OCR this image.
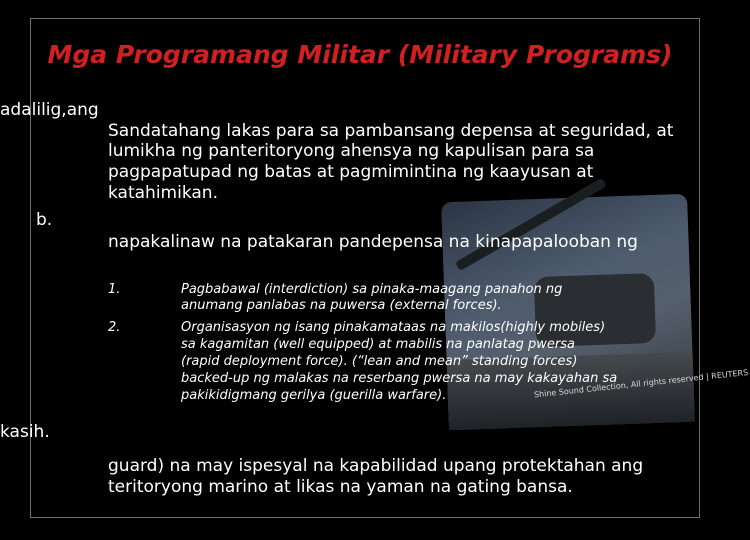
Mga Programang Militar (Military Programs)
Shine Sound Collection, All rights reserved | REUTERS
adalilig,ang
kasih.
b.
Sandatahang lakas para sa pambansang depensa at seguridad, at
lumikha ng panteritoryong ahensya ng kapulisan para sa
pagpapatupad ng batas at pagmimintina ng kaayusan at
katahimikan.
napakalinaw na patakaran pandepensa na kinapapalooban ng
1.	Pagbabawal (interdiction) sa pinaka-maagang panahon ng
anumang panlabas na puwersa (external forces).
2.	Organisasyon ng isang pinakamataas na makilos(highly mobiles)
sa kagamitan (well equipped) at mabilis na panlatag pwersa
(rapid deployment force). (“lean and mean” standing forces)
backed-up ng malakas na reserbang pwersa na may kakayahan sa
pakikidigmang gerilya (guerilla warfare).
guard) na may ispesyal na kapabilidad upang protektahan ang
teritoryong marino at likas na yaman na gating bansa.
